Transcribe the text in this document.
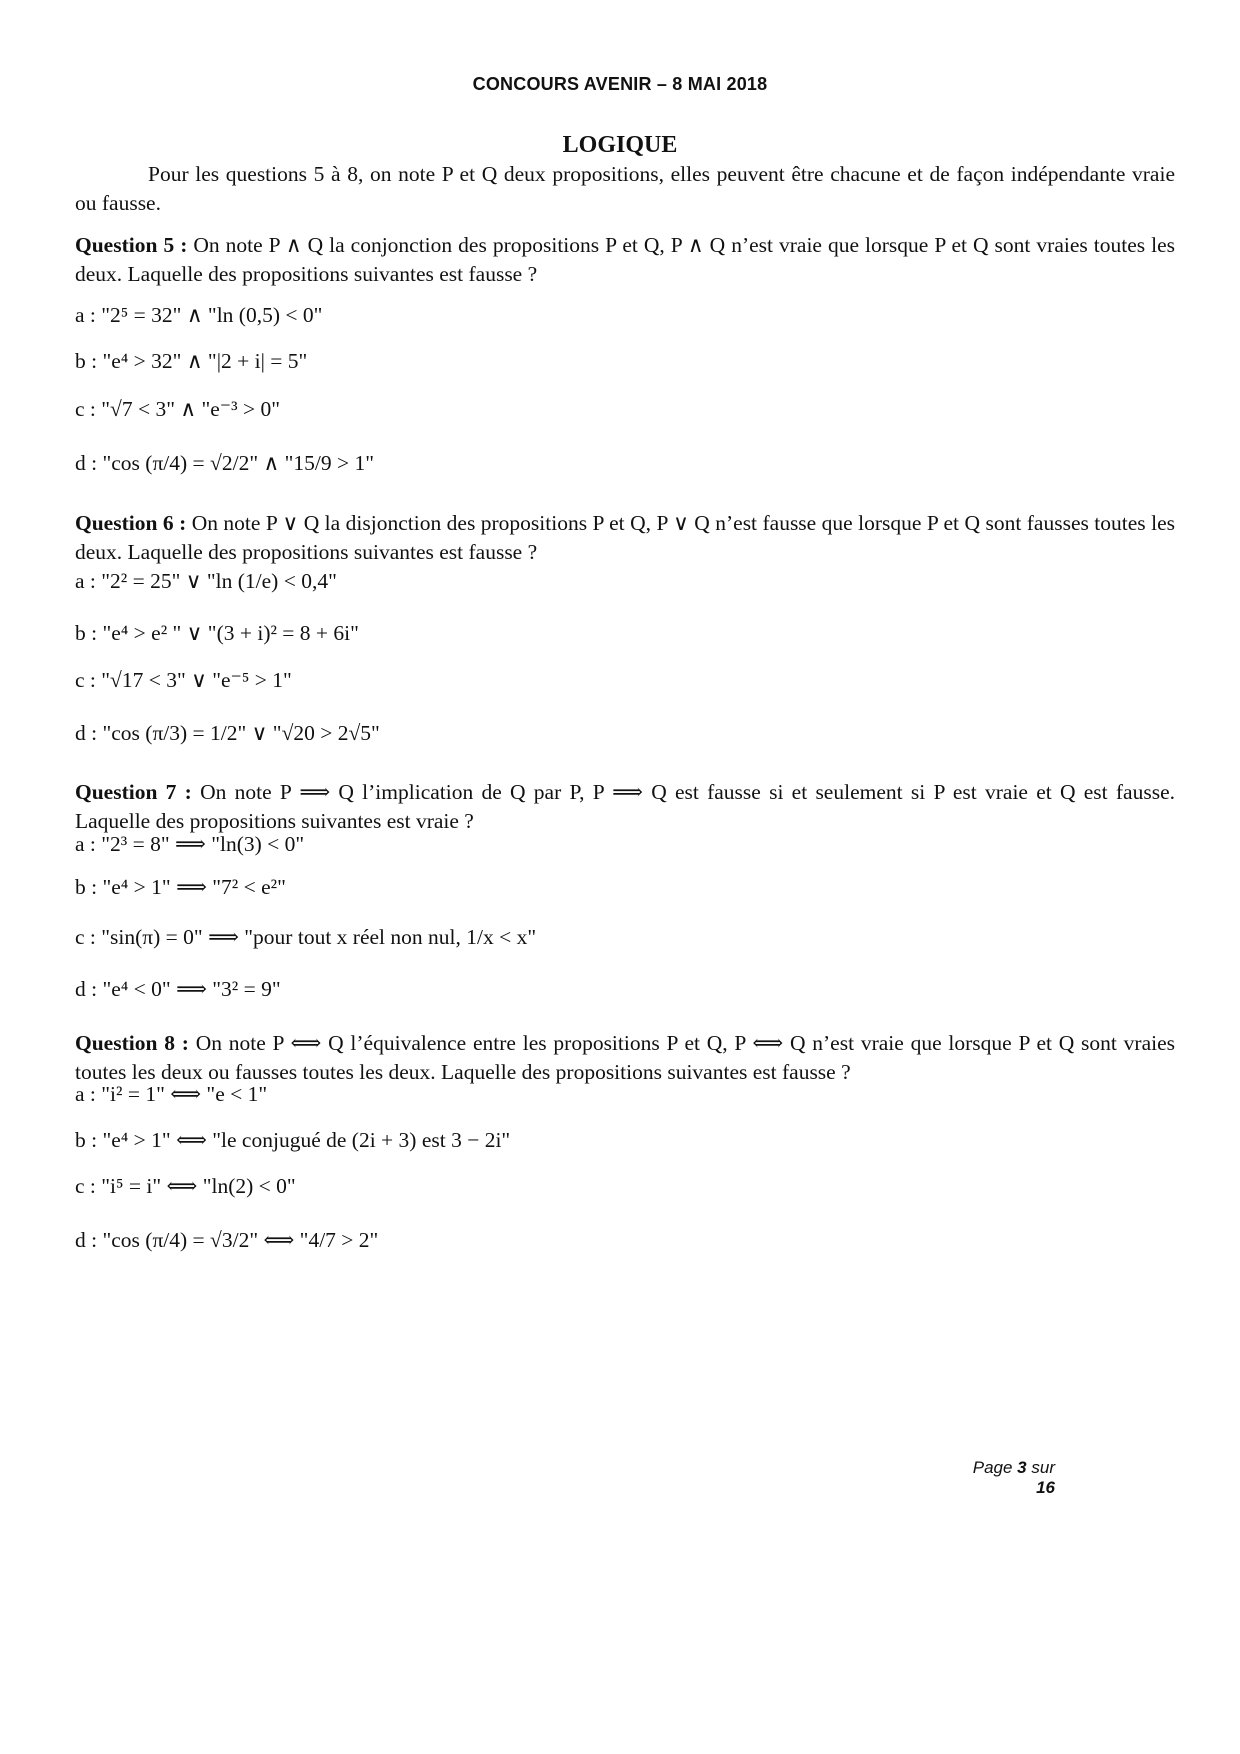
CONCOURS AVENIR – 8 MAI 2018
LOGIQUE
Pour les questions 5 à 8, on note P et Q deux propositions, elles peuvent être chacune et de façon indépendante vraie ou fausse.
Question 5 : On note P ∧ Q la conjonction des propositions P et Q, P ∧ Q n’est vraie que lorsque P et Q sont vraies toutes les deux. Laquelle des propositions suivantes est fausse ?
a : "2⁵ = 32" ∧ "ln (0,5) < 0"
b : "e⁴ > 32" ∧ "|2 + i| = 5"
c : "√7 < 3" ∧ "e⁻³ > 0"
d : "cos (π/4) = √2/2" ∧ "15/9 > 1"
Question 6 : On note P ∨ Q la disjonction des propositions P et Q, P ∨ Q n’est fausse que lorsque P et Q sont fausses toutes les deux. Laquelle des propositions suivantes est fausse ?
a : "2² = 25" ∨ "ln (1/e) < 0,4"
b : "e⁴ > e² " ∨ "(3 + i)² = 8 + 6i"
c : "√17 < 3" ∨ "e⁻⁵ > 1"
d : "cos (π/3) = 1/2" ∨ "√20 > 2√5"
Question 7 : On note P ⟹ Q l’implication de Q par P, P ⟹ Q est fausse si et seulement si P est vraie et Q est fausse. Laquelle des propositions suivantes est vraie ?
a : "2³ = 8" ⟹ "ln(3) < 0"
b : "e⁴ > 1" ⟹ "7² < e²"
c : "sin(π) = 0" ⟹ "pour tout x réel non nul, 1/x < x"
d : "e⁴ < 0" ⟹ "3² = 9"
Question 8 : On note P ⟺ Q l’équivalence entre les propositions P et Q, P ⟺ Q n’est vraie que lorsque P et Q sont vraies toutes les deux ou fausses toutes les deux. Laquelle des propositions suivantes est fausse ?
a : "i² = 1" ⟺ "e < 1"
b : "e⁴ > 1" ⟺ "le conjugué de (2i + 3) est 3 − 2i"
c : "i⁵ = i" ⟺ "ln(2) < 0"
d : "cos (π/4) = √3/2" ⟺ "4/7 > 2"
Page 3 sur 16
